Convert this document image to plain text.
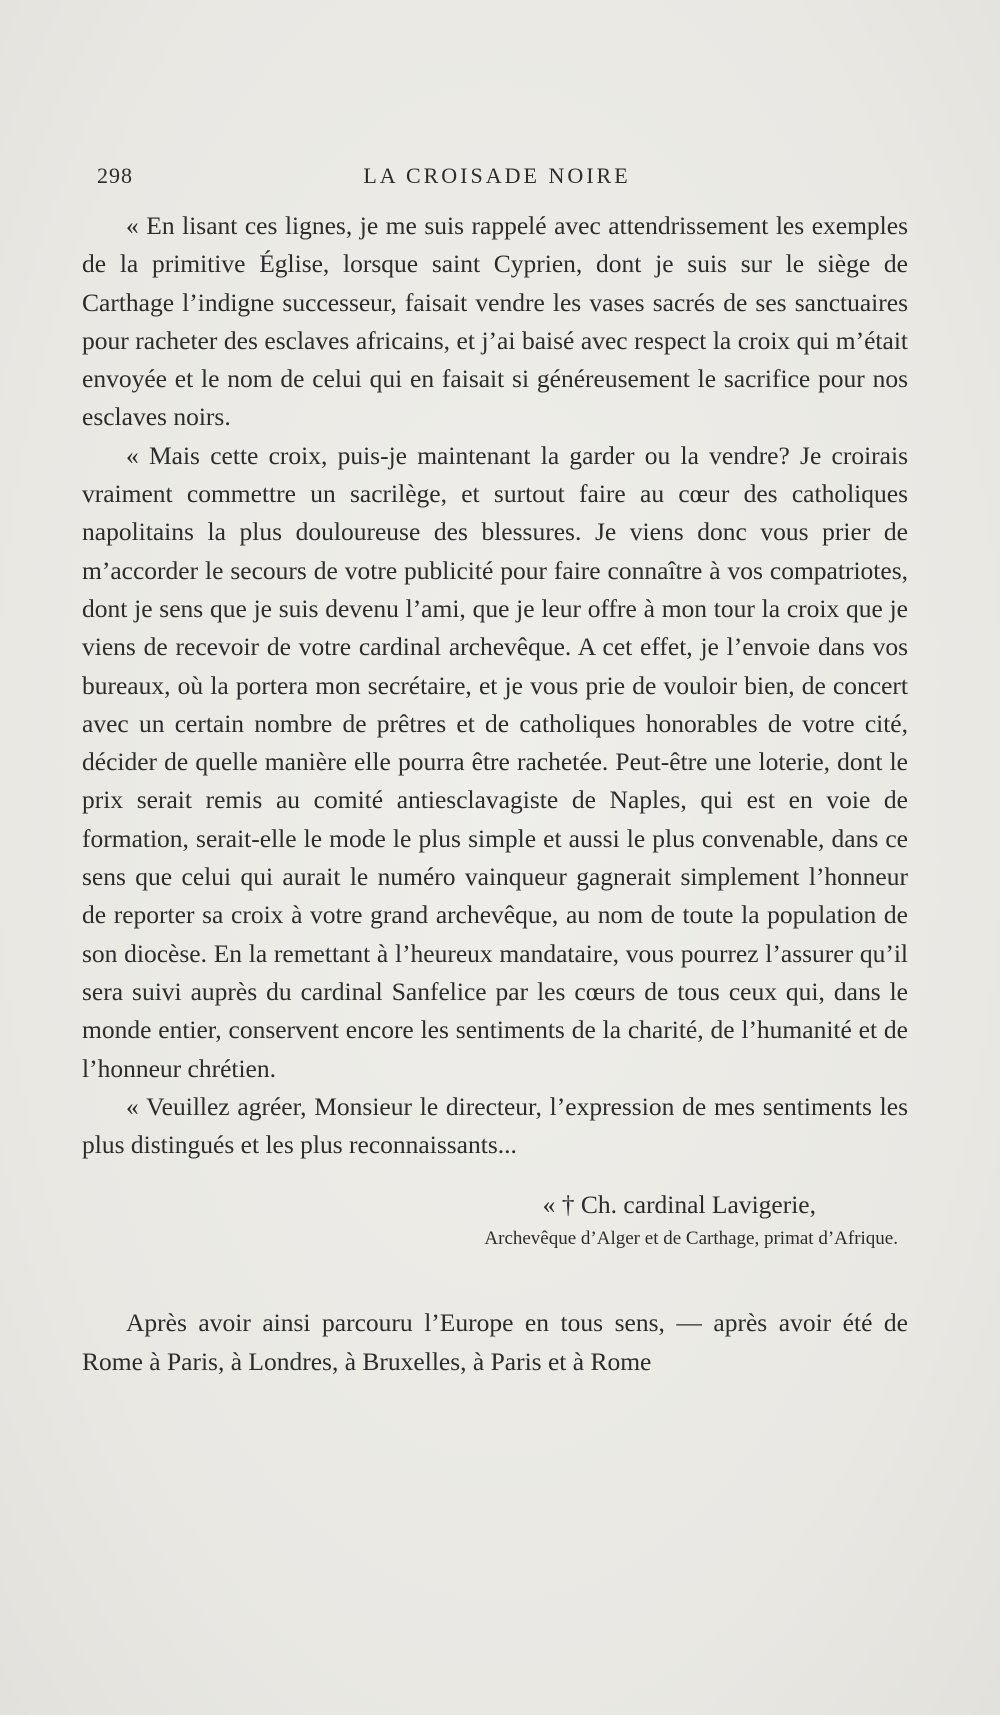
298	LA CROISADE NOIRE

« En lisant ces lignes, je me suis rappelé avec attendrissement les exemples de la primitive Église, lorsque saint Cyprien, dont je suis sur le siège de Carthage l’indigne successeur, faisait vendre les vases sacrés de ses sanctuaires pour racheter des esclaves africains, et j’ai baisé avec respect la croix qui m’était envoyée et le nom de celui qui en faisait si généreusement le sacrifice pour nos esclaves noirs.

« Mais cette croix, puis-je maintenant la garder ou la vendre? Je croirais vraiment commettre un sacrilège, et surtout faire au cœur des catholiques napolitains la plus douloureuse des blessures. Je viens donc vous prier de m’accorder le secours de votre publicité pour faire connaître à vos compatriotes, dont je sens que je suis devenu l’ami, que je leur offre à mon tour la croix que je viens de recevoir de votre cardinal archevêque. A cet effet, je l’envoie dans vos bureaux, où la portera mon secrétaire, et je vous prie de vouloir bien, de concert avec un certain nombre de prêtres et de catholiques honorables de votre cité, décider de quelle manière elle pourra être rachetée. Peut-être une loterie, dont le prix serait remis au comité antiesclavagiste de Naples, qui est en voie de formation, serait-elle le mode le plus simple et aussi le plus convenable, dans ce sens que celui qui aurait le numéro vainqueur gagnerait simplement l’honneur de reporter sa croix à votre grand archevêque, au nom de toute la population de son diocèse. En la remettant à l’heureux mandataire, vous pourrez l’assurer qu’il sera suivi auprès du cardinal Sanfelice par les cœurs de tous ceux qui, dans le monde entier, conservent encore les sentiments de la charité, de l’humanité et de l’honneur chrétien.

« Veuillez agréer, Monsieur le directeur, l’expression de mes sentiments les plus distingués et les plus reconnaissants...

« † Ch. cardinal Lavigerie,

Archevêque d’Alger et de Carthage, primat d’Afrique.

Après avoir ainsi parcouru l’Europe en tous sens, — après avoir été de Rome à Paris, à Londres, à Bruxelles, à Paris et à Rome
